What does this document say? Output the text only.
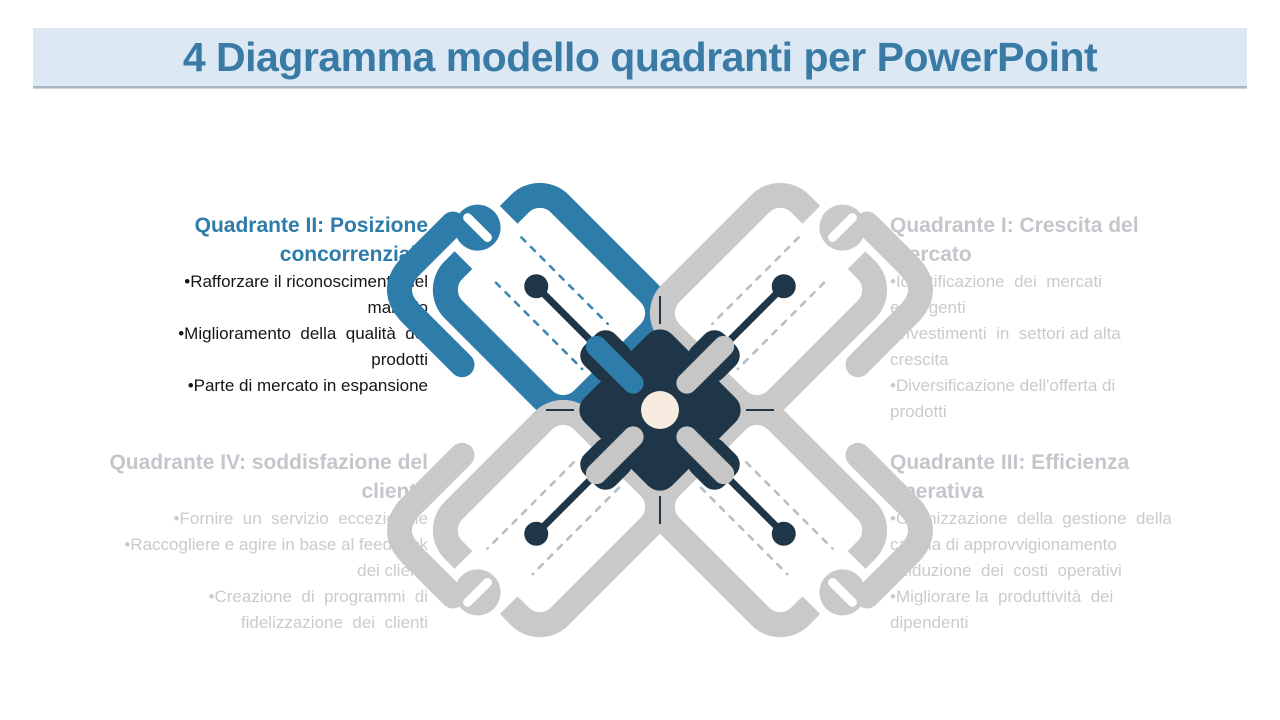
4 Diagramma modello quadranti per PowerPoint
Quadrante II: Posizione
concorrenziale
•Rafforzare il riconoscimento del
marchio
•Miglioramento  della  qualità  dei
prodotti
•Parte di mercato in espansione
Quadrante I: Crescita del
mercato
•Identificazione  dei  mercati
emergenti
•Investimenti  in  settori ad alta
crescita
•Diversificazione dell'offerta di
prodotti
Quadrante IV: soddisfazione del
cliente
•Fornire  un  servizio  eccezionale
•Raccogliere e agire in base al feedback
dei clienti
•Creazione  di  programmi  di
fidelizzazione  dei  clienti
Quadrante III: Efficienza
operativa
•Ottimizzazione  della  gestione  della
catena di approvvigionamento
•Riduzione  dei  costi  operativi
•Migliorare la  produttività  dei
dipendenti
